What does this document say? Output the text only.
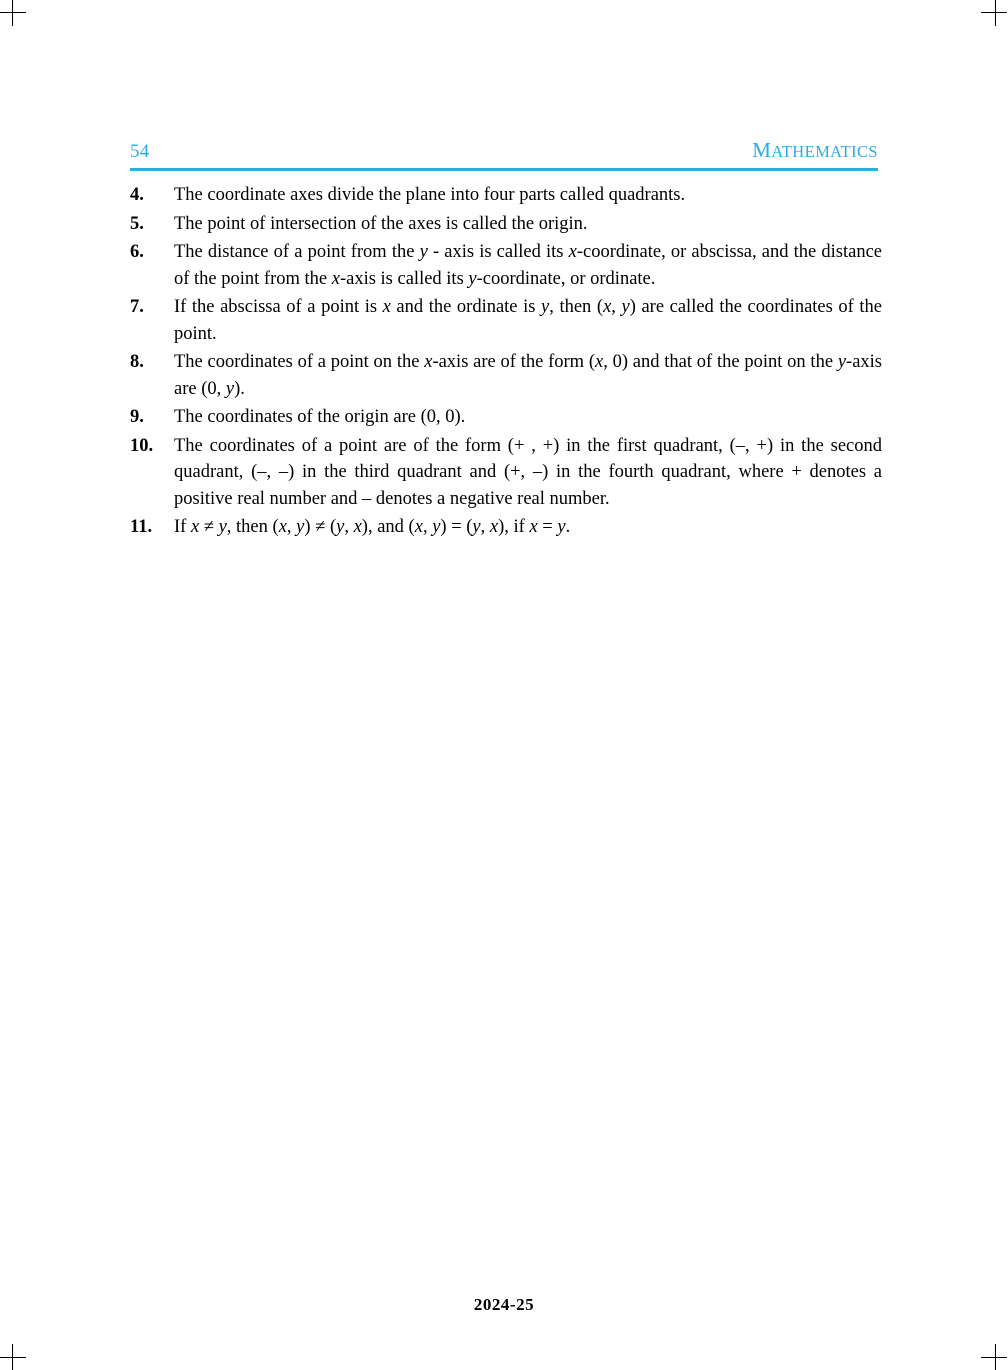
54	MATHEMATICS
4.	The coordinate axes divide the plane into four parts called quadrants.
5.	The point of intersection of the axes is called the origin.
6.	The distance of a point from the y - axis is called its x-coordinate, or abscissa, and the distance of the point from the x-axis is called its y-coordinate, or ordinate.
7.	If the abscissa of a point is x and the ordinate is y, then (x, y) are called the coordinates of the point.
8.	The coordinates of a point on the x-axis are of the form (x, 0) and that of the point on the y-axis are (0, y).
9.	The coordinates of the origin are (0, 0).
10.	The coordinates of a point are of the form (+ , +) in the first quadrant, (–, +) in the second quadrant, (–, –) in the third quadrant and (+, –) in the fourth quadrant, where + denotes a positive real number and – denotes a negative real number.
11.	If x ≠ y, then (x, y) ≠ (y, x), and (x, y) = (y, x), if x = y.
2024-25
